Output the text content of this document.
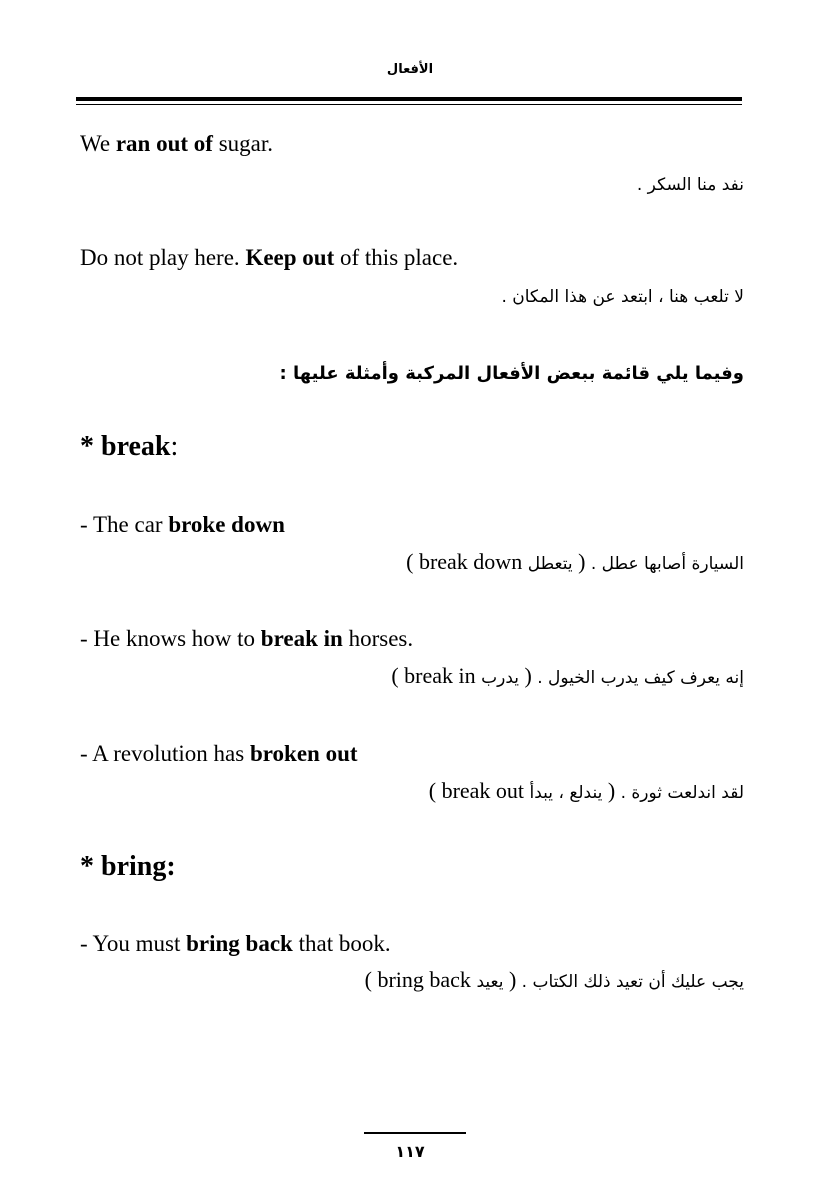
الأفعال
We ran out of sugar.
نفد منا السكر .
Do not play here. Keep out of this place.
لا تلعب هنا ، ابتعد عن هذا المكان .
وفيما يلي قائمة ببعض الأفعال المركبة وأمثلة عليها :
* break:
- The car broke down
السيارة أصابها عطل . ( break down يتعطل )
- He knows how to break in horses.
إنه يعرف كيف يدرب الخيول . ( break in يدرب )
- A revolution has broken out
لقد اندلعت ثورة . ( break out يندلع ، يبدأ )
* bring:
- You must bring back that book.
يجب عليك أن تعيد ذلك الكتاب . ( bring back يعيد )
١١٧
